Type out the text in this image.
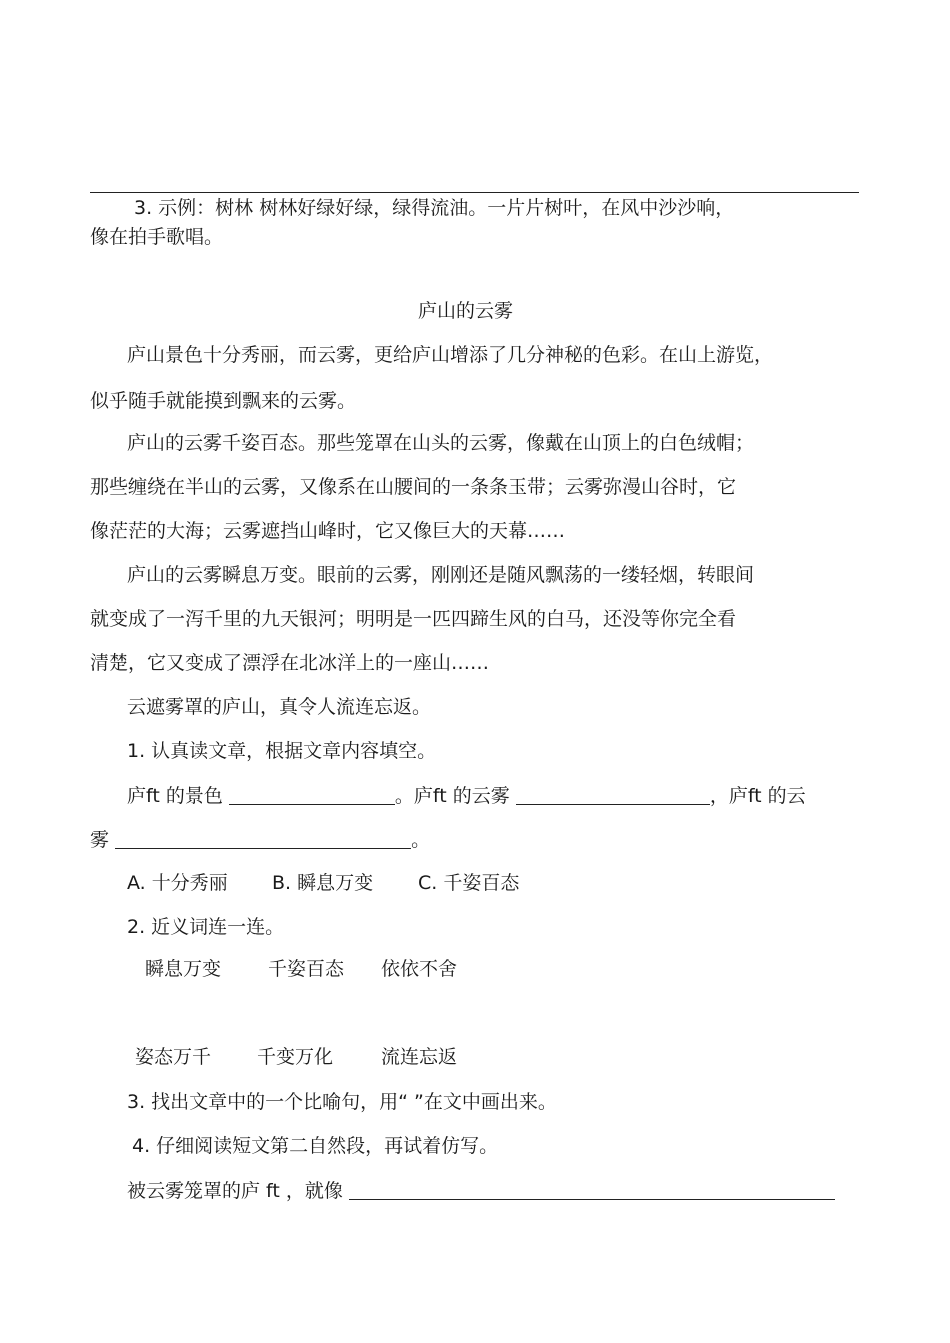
3. 示例：树林 树林好绿好绿，绿得流油。一片片树叶，在风中沙沙响，
像在拍手歌唱。
庐山的云雾
庐山景色十分秀丽，而云雾，更给庐山增添了几分神秘的色彩。在山上游览，
似乎随手就能摸到飘来的云雾。
庐山的云雾千姿百态。那些笼罩在山头的云雾，像戴在山顶上的白色绒帽；
那些缠绕在半山的云雾，又像系在山腰间的一条条玉带；云雾弥漫山谷时，它
像茫茫的大海；云雾遮挡山峰时，它又像巨大的天幕……
庐山的云雾瞬息万变。眼前的云雾，刚刚还是随风飘荡的一缕轻烟，转眼间
就变成了一泻千里的九天银河；明明是一匹四蹄生风的白马，还没等你完全看
清楚，它又变成了漂浮在北冰洋上的一座山……
云遮雾罩的庐山，真令人流连忘返。
1. 认真读文章，根据文章内容填空。
庐ft 的景色	。庐ft 的云雾	，庐ft 的云
雾	。
A. 十分秀丽 B. 瞬息万变 C. 千姿百态
2. 近义词连一连。
瞬息万变 千姿百态 依依不舍
姿态万千 千变万化	流连忘返
3. 找出文章中的一个比喻句，用“ ”在文中画出来。
4. 仔细阅读短文第二自然段，再试着仿写。
被云雾笼罩的庐 ft ，就像
